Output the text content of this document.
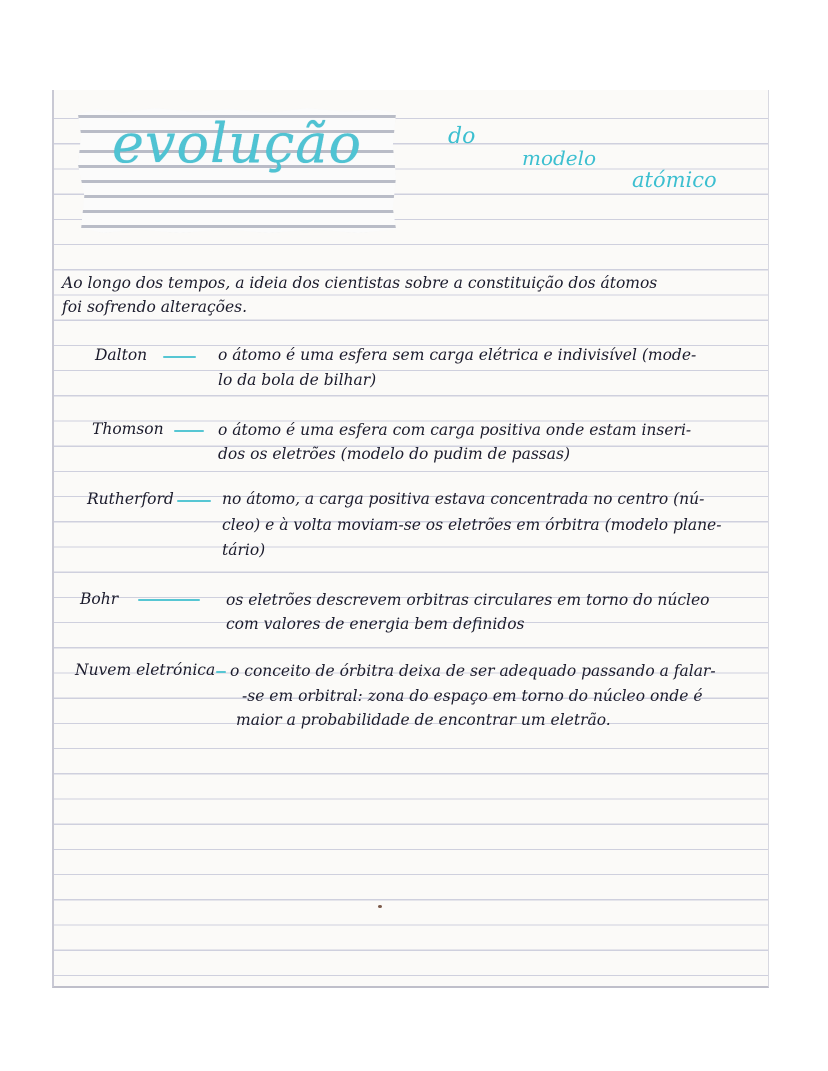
evolução	do
modelo
atómico
Ao longo dos tempos, a ideia dos cientistas sobre a constituição dos átomos
foi sofrendo alterações.
Dalton	o átomo é uma esfera sem carga elétrica e indivisível (mode-
lo da bola de bilhar)
Thomson	o átomo é uma esfera com carga positiva onde estam inseri-
dos os eletrões (modelo do pudim de passas)
Rutherford	no átomo, a carga positiva estava concentrada no centro (nú-
cleo) e à volta moviam-se os eletrões em órbitra (modelo plane-
tário)
Bohr	os eletrões descrevem orbitras circulares em torno do núcleo
com valores de energia bem definidos
Nuvem eletrónica o conceito de órbitra deixa de ser adequado passando a falar-
-se em orbitral: zona do espaço em torno do núcleo onde é
maior a probabilidade de encontrar um eletrão.
